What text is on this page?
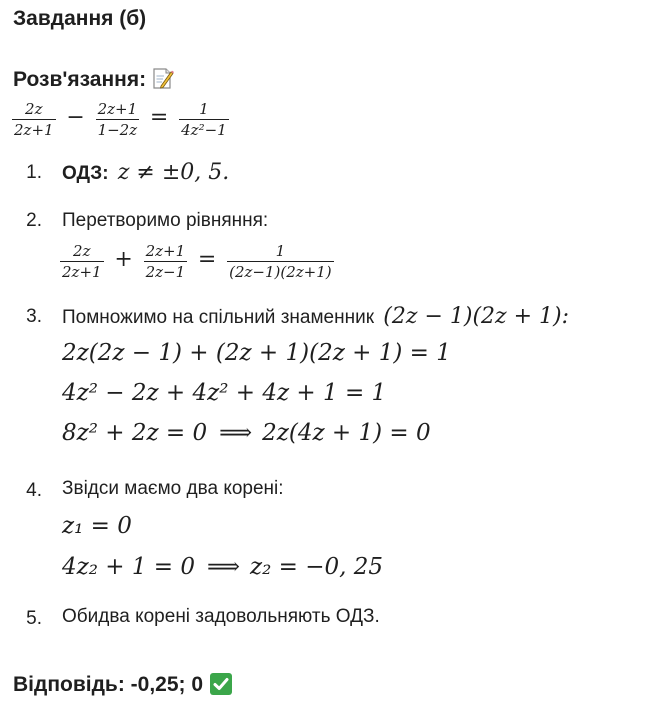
Завдання (б)
Розв'язання:
$\frac{2z}{2z+1} - \frac{2z+1}{1-2z} = \frac{1}{\text{4z²−1}}$
1. ОДЗ: z ≠ ±0, 5.
2. Перетворимо рівняння:
$\frac{2z}{2z+1} + \frac{2z+1}{2z-1} = \frac{1}{(2z-1)(2z+1)}$
3. Помножимо на спільний знаменник (2z − 1)(2z + 1):
2z(2z − 1) + (2z + 1)(2z + 1) = 1
4z² − 2z + 4z² + 4z + 1 = 1
8z² + 2z = 0 ⟹ 2z(4z + 1) = 0
4. Звідси маємо два корені:
z₁ = 0
4z₂ + 1 = 0 ⟹ z₂ = −0, 25
5. Обидва корені задовольняють ОДЗ.
Відповідь: -0,25; 0
